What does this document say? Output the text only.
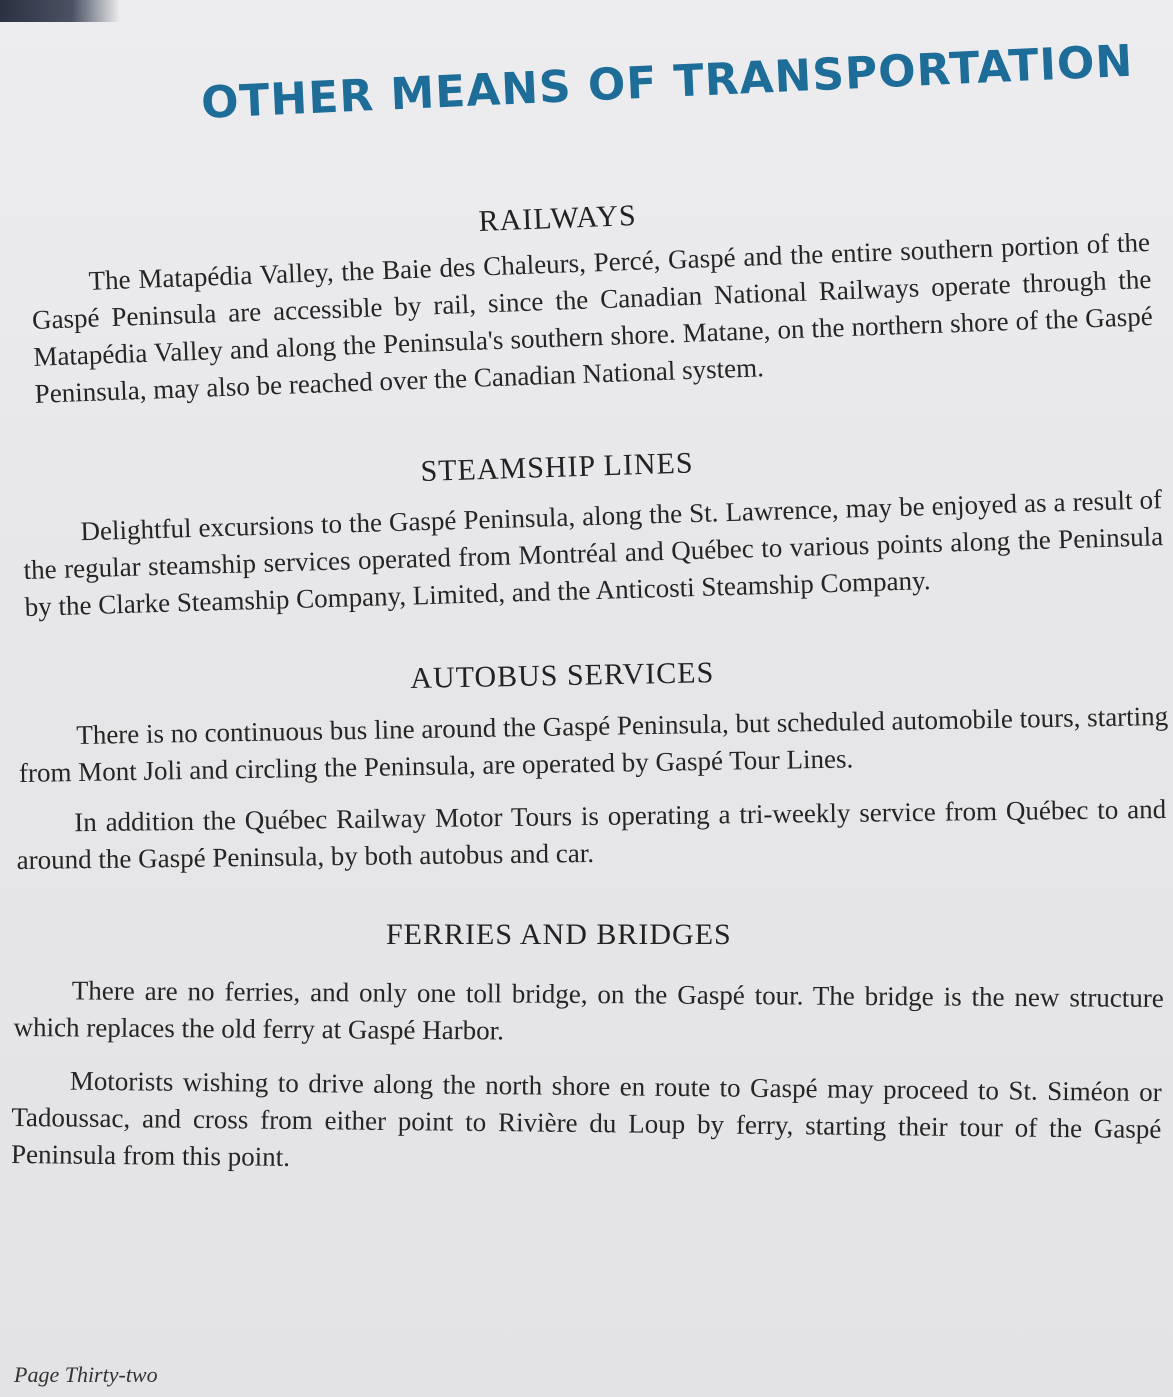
OTHER MEANS OF TRANSPORTATION
RAILWAYS

The Matapédia Valley, the Baie des Chaleurs, Percé, Gaspé and the entire southern portion of the Gaspé Peninsula are accessible by rail, since the Canadian National Railways operate through the Matapédia Valley and along the Peninsula's southern shore. Matane, on the northern shore of the Gaspé Peninsula, may also be reached over the Canadian National system.

STEAMSHIP LINES

Delightful excursions to the Gaspé Peninsula, along the St. Lawrence, may be enjoyed as a result of the regular steamship services operated from Montréal and Québec to various points along the Peninsula by the Clarke Steamship Company, Limited, and the Anticosti Steamship Company.

AUTOBUS SERVICES

There is no continuous bus line around the Gaspé Peninsula, but scheduled automobile tours, starting from Mont Joli and circling the Peninsula, are operated by Gaspé Tour Lines.

In addition the Québec Railway Motor Tours is operating a tri-weekly service from Québec to and around the Gaspé Peninsula, by both autobus and car.

FERRIES AND BRIDGES

There are no ferries, and only one toll bridge, on the Gaspé tour. The bridge is the new structure which replaces the old ferry at Gaspé Harbor.

Motorists wishing to drive along the north shore en route to Gaspé may proceed to St. Siméon or Tadoussac, and cross from either point to Rivière du Loup by ferry, starting their tour of the Gaspé Peninsula from this point.

Page Thirty-two
